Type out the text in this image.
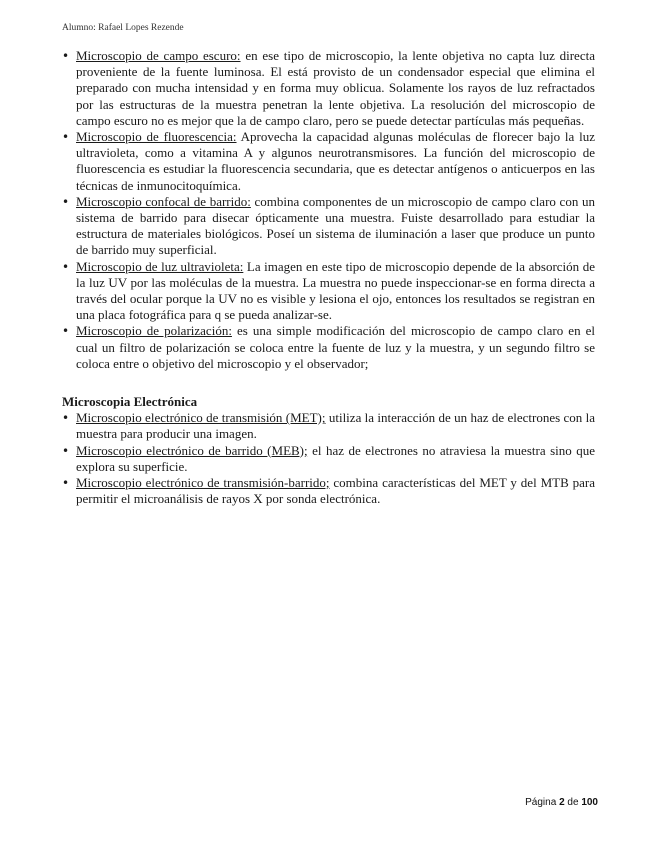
Alumno: Rafael Lopes Rezende
• Microscopio de campo escuro: en ese tipo de microscopio, la lente objetiva no capta luz directa proveniente de la fuente luminosa. El está provisto de un condensador especial que elimina el preparado con mucha intensidad y en forma muy oblicua. Solamente los rayos de luz refractados por las estructuras de la muestra penetran la lente objetiva. La resolución del microscopio de campo escuro no es mejor que la de campo claro, pero se puede detectar partículas más pequeñas.
• Microscopio de fluorescencia: Aprovecha la capacidad algunas moléculas de florecer bajo la luz ultravioleta, como a vitamina A y algunos neurotransmisores. La función del microscopio de fluorescencia es estudiar la fluorescencia secundaria, que es detectar antígenos o anticuerpos en las técnicas de inmunocitoquímica.
• Microscopio confocal de barrido: combina componentes de un microscopio de campo claro con un sistema de barrido para disecar ópticamente una muestra. Fuiste desarrollado para estudiar la estructura de materiales biológicos. Poseí un sistema de iluminación a laser que produce un punto de barrido muy superficial.
• Microscopio de luz ultravioleta: La imagen en este tipo de microscopio depende de la absorción de la luz UV por las moléculas de la muestra. La muestra no puede inspeccionar-se en forma directa a través del ocular porque la UV no es visible y lesiona el ojo, entonces los resultados se registran en una placa fotográfica para q se pueda analizar-se.
• Microscopio de polarización: es una simple modificación del microscopio de campo claro en el cual un filtro de polarización se coloca entre la fuente de luz y la muestra, y un segundo filtro se coloca entre o objetivo del microscopio y el observador;
Microscopia Electrónica
• Microscopio electrónico de transmisión (MET); utiliza la interacción de un haz de electrones con la muestra para producir una imagen.
• Microscopio electrónico de barrido (MEB); el haz de electrones no atraviesa la muestra sino que explora su superficie.
• Microscopio electrónico de transmisión-barrido; combina características del MET y del MTB para permitir el microanálisis de rayos X por sonda electrónica.
Página 2 de 100
